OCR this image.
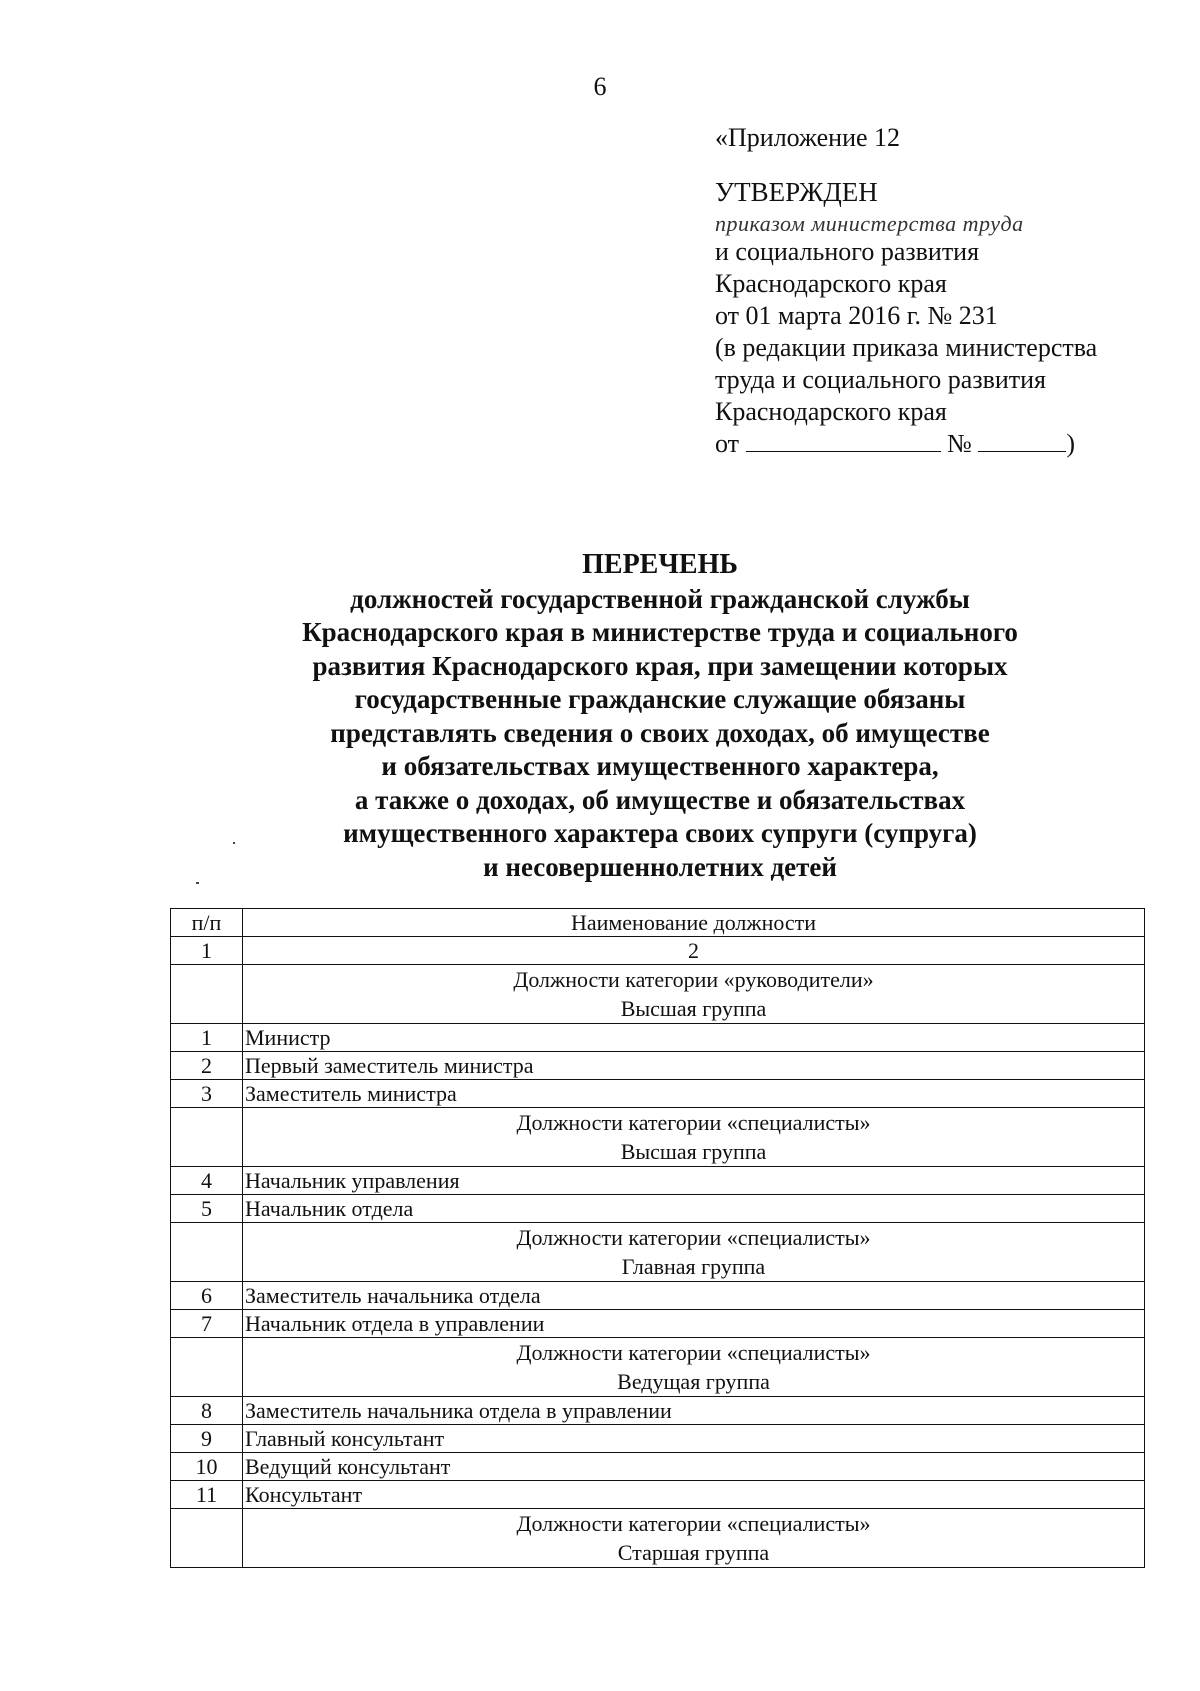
6
«Приложение 12
УТВЕРЖДЕН
приказом министерства труда
и социального развития
Краснодарского края
от 01 марта 2016 г. № 231
(в редакции приказа министерства
труда и социального развития
Краснодарского края
от	№	)
ПЕРЕЧЕНЬ
должностей государственной гражданской службы
Краснодарского края в министерстве труда и социального
развития Краснодарского края, при замещении которых
государственные гражданские служащие обязаны
представлять сведения о своих доходах, об имуществе
и обязательствах имущественного характера,
а также о доходах, об имуществе и обязательствах
имущественного характера своих супруги (супруга)
и несовершеннолетних детей
п/п	Наименование должности
1	2

	Должности категории «руководители»
Высшая группа

1	Министр
2	Первый заместитель министра
3	Заместитель министра

	Должности категории «специалисты»
Высшая группа

4	Начальник управления
5	Начальник отдела

	Должности категории «специалисты»
Главная группа

6	Заместитель начальника отдела
7	Начальник отдела в управлении

	Должности категории «специалисты»
Ведущая группа

8	Заместитель начальника отдела в управлении
9	Главный консультант
10	Ведущий консультант
11	Консультант

	Должности категории «специалисты»
Старшая группа
